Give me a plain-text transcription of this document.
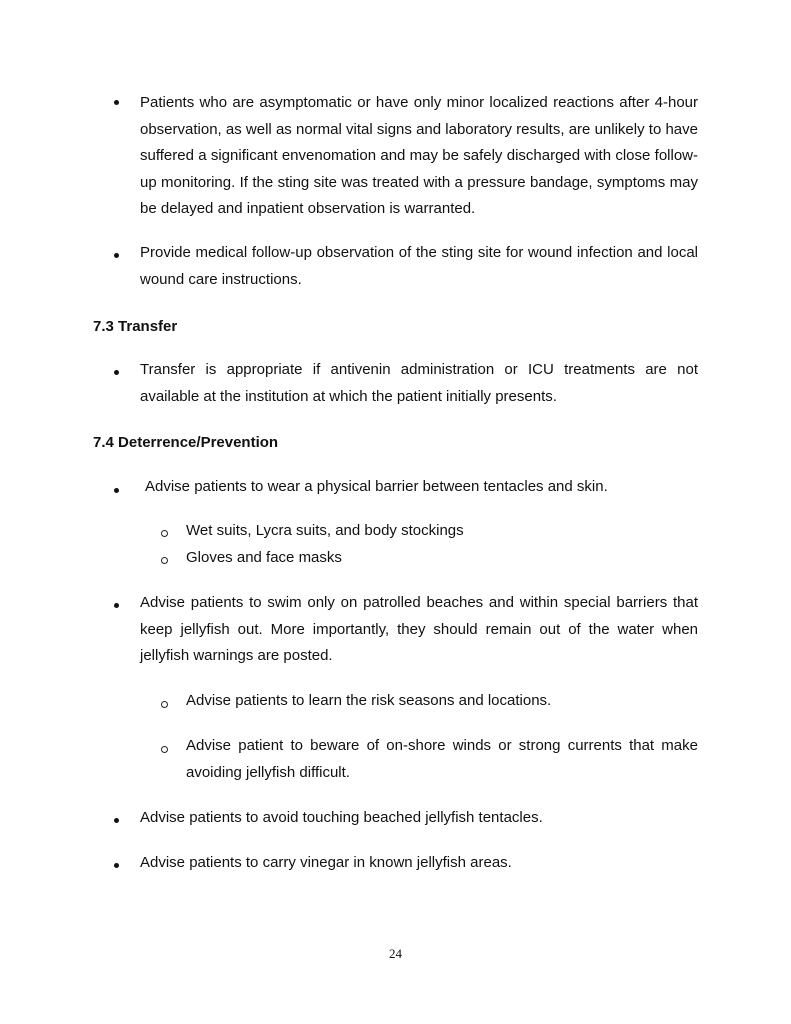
Patients who are asymptomatic or have only minor localized reactions after 4-hour observation, as well as normal vital signs and laboratory results, are unlikely to have suffered a significant envenomation and may be safely discharged with close follow-up monitoring. If the sting site was treated with a pressure bandage, symptoms may be delayed and inpatient observation is warranted.
Provide medical follow-up observation of the sting site for wound infection and local wound care instructions.
7.3 Transfer
Transfer is appropriate if antivenin administration or ICU treatments are not available at the institution at which the patient initially presents.
7.4 Deterrence/Prevention
Advise patients to wear a physical barrier between tentacles and skin.
Wet suits, Lycra suits, and body stockings
Gloves and face masks
Advise patients to swim only on patrolled beaches and within special barriers that keep jellyfish out. More importantly, they should remain out of the water when jellyfish warnings are posted.
Advise patients to learn the risk seasons and locations.
Advise patient to beware of on-shore winds or strong currents that make avoiding jellyfish difficult.
Advise patients to avoid touching beached jellyfish tentacles.
Advise patients to carry vinegar in known jellyfish areas.
24
